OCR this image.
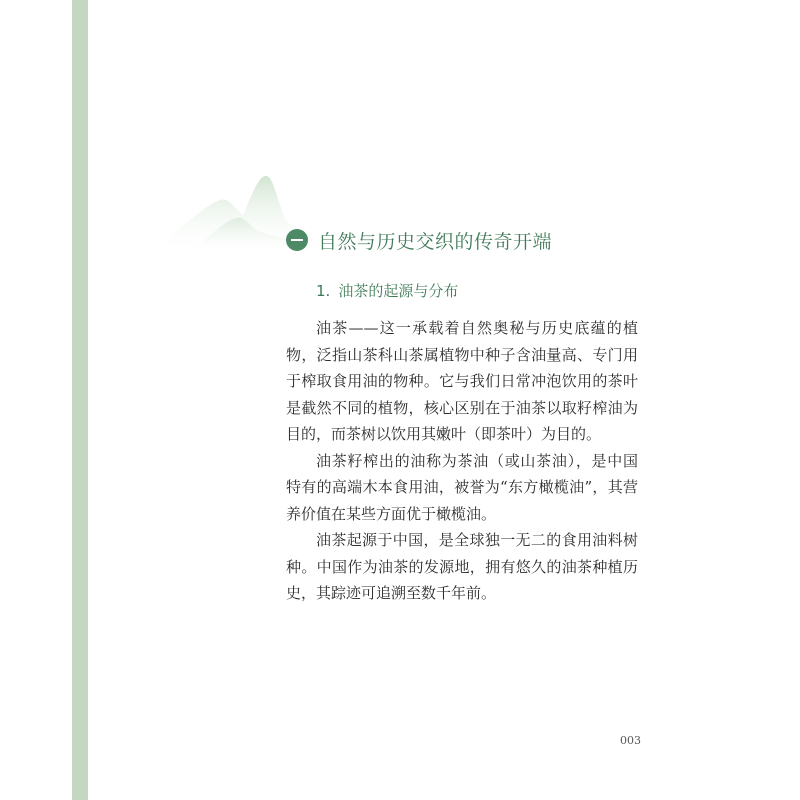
自然与历史交织的传奇开端
1. 油茶的起源与分布

油茶——这一承载着自然奥秘与历史底蕴的植物，泛指山茶科山茶属植物中种子含油量高、专门用于榨取食用油的物种。它与我们日常冲泡饮用的茶叶是截然不同的植物，核心区别在于油茶以取籽榨油为目的，而茶树以饮用其嫩叶（即茶叶）为目的。

油茶籽榨出的油称为茶油（或山茶油），是中国特有的高端木本食用油，被誉为“东方橄榄油”，其营养价值在某些方面优于橄榄油。

油茶起源于中国，是全球独一无二的食用油料树种。中国作为油茶的发源地，拥有悠久的油茶种植历史，其踪迹可追溯至数千年前。

003
